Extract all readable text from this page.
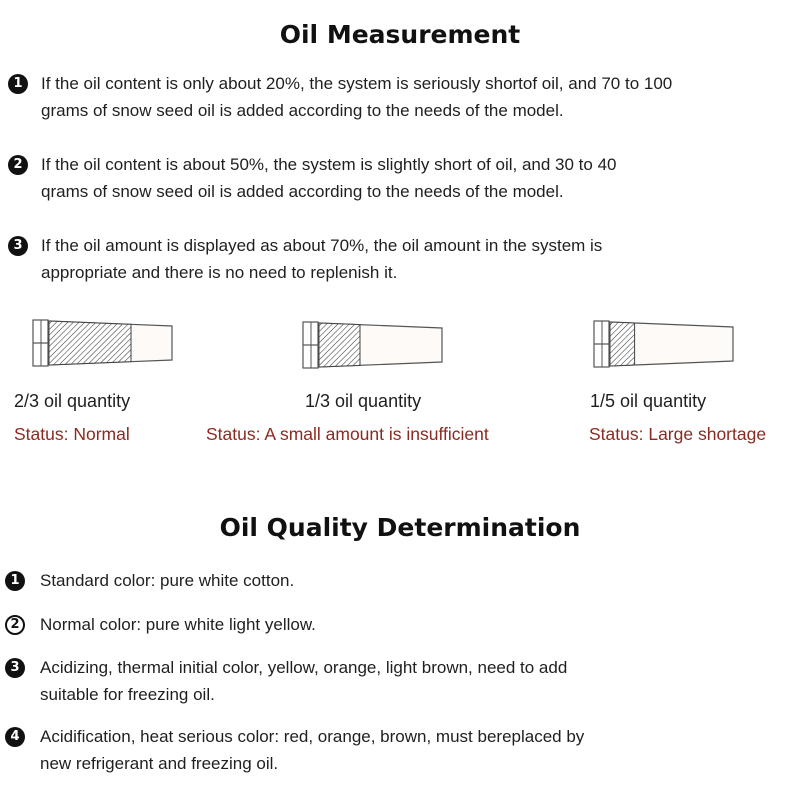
Oil Measurement
1	If the oil content is only about 20%, the system is seriously shortof oil, and 70 to 100
grams of snow seed oil is added according to the needs of the model.
2	If the oil content is about 50%, the system is slightly short of oil, and 30 to 40
qrams of snow seed oil is added according to the needs of the model.
3	If the oil amount is displayed as about 70%, the oil amount in the system is
appropriate and there is no need to replenish it.
2/3 oil quantity	1/3 oil quantity	1/5 oil quantity
Status: Normal	Status: A small amount is insufficient	Status: Large shortage
Oil Quality Determination
1	Standard color: pure white cotton.
2	Normal color: pure white light yellow.
3	Acidizing, thermal initial color, yellow, orange, light brown, need to add
suitable for freezing oil.
4	Acidification, heat serious color: red, orange, brown, must bereplaced by
new refrigerant and freezing oil.
